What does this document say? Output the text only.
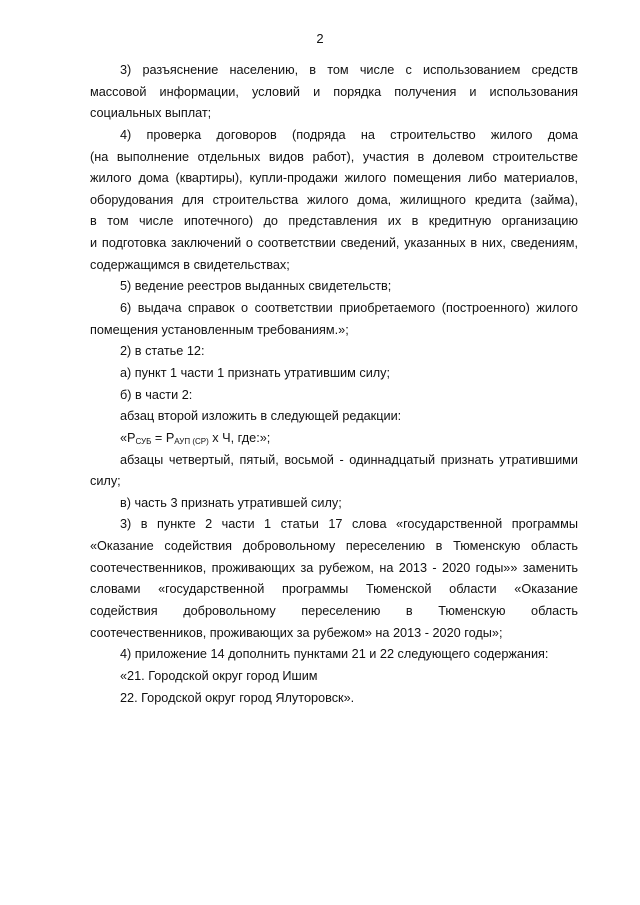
2
3) разъяснение населению, в том числе с использованием средств
массовой информации, условий и порядка получения и использования
социальных выплат;
4) проверка договоров (подряда на строительство жилого дома
(на выполнение отдельных видов работ), участия в долевом строительстве
жилого дома (квартиры), купли-продажи жилого помещения либо материалов,
оборудования для строительства жилого дома, жилищного кредита (займа),
в том числе ипотечного) до представления их в кредитную организацию
и подготовка заключений о соответствии сведений, указанных в них, сведениям,
содержащимся в свидетельствах;
5) ведение реестров выданных свидетельств;
6) выдача справок о соответствии приобретаемого (построенного) жилого
помещения установленным требованиям.»;
2) в статье 12:
а) пункт 1 части 1 признать утратившим силу;
б) в части 2:
абзац второй изложить в следующей редакции:
«$P_{СУБ} = P_{АУП (СР)}$ x Ч, где:»;
абзацы четвертый, пятый, восьмой - одиннадцатый признать утратившими
силу;
в) часть 3 признать утратившей силу;
3) в пункте 2 части 1 статьи 17 слова «государственной программы
«Оказание содействия добровольному переселению в Тюменскую область
соотечественников, проживающих за рубежом, на 2013 - 2020 годы»» заменить
словами «государственной программы Тюменской области «Оказание
содействия добровольному переселению в Тюменскую область
соотечественников, проживающих за рубежом» на 2013 - 2020 годы»;
4) приложение 14 дополнить пунктами 21 и 22 следующего содержания:
«21. Городской округ город Ишим
22. Городской округ город Ялуторовск».
